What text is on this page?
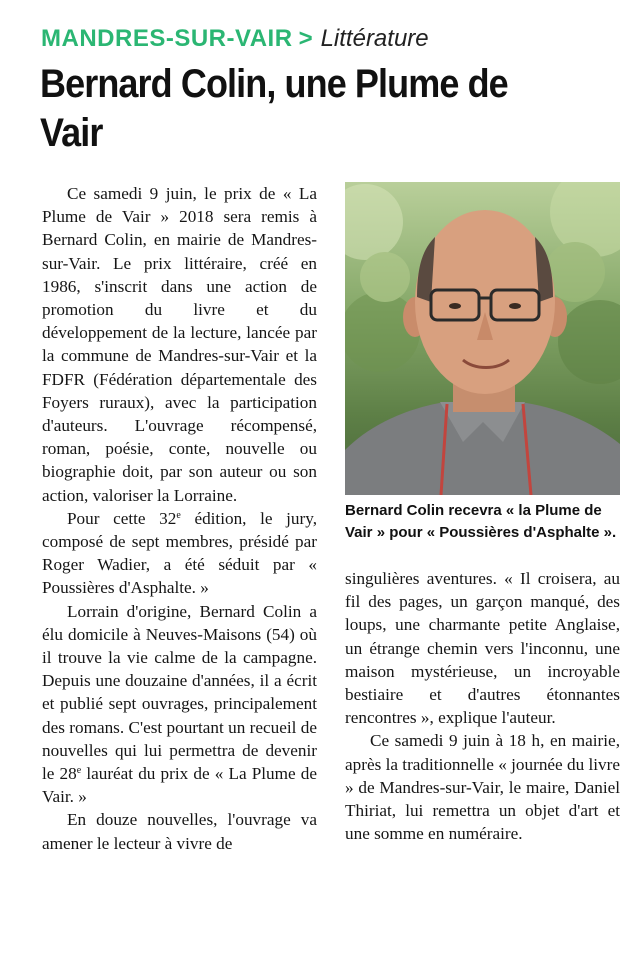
MANDRES-SUR-VAIR > Littérature
Bernard Colin, une Plume de Vair

Ce samedi 9 juin, le prix de « La Plume de Vair » 2018 sera remis à Bernard Colin, en mairie de Mandres-sur-Vair. Le prix littéraire, créé en 1986, s'inscrit dans une action de promotion du livre et du développement de la lecture, lancée par la commune de Mandres-sur-Vair et la FDFR (Fédération départementale des Foyers ruraux), avec la participation d'auteurs. L'ouvrage récompensé, roman, poésie, conte, nouvelle ou biographie doit, par son auteur ou son action, valoriser la Lorraine.

Pour cette 32e édition, le jury, composé de sept membres, présidé par Roger Wadier, a été séduit par « Poussières d'Asphalte. »

Lorrain d'origine, Bernard Colin a élu domicile à Neuves-Maisons (54) où il trouve la vie calme de la campagne. Depuis une douzaine d'années, il a écrit et publié sept ouvrages, principalement des romans. C'est pourtant un recueil de nouvelles qui lui permettra de devenir le 28e lauréat du prix de « La Plume de Vair. »

En douze nouvelles, l'ouvrage va amener le lecteur à vivre de

Bernard Colin recevra « la Plume de Vair » pour « Poussières d'Asphalte ».

singulières aventures. « Il croisera, au fil des pages, un garçon manqué, des loups, une charmante petite Anglaise, un étrange chemin vers l'inconnu, une maison mystérieuse, un incroyable bestiaire et d'autres étonnantes rencontres », explique l'auteur.

Ce samedi 9 juin à 18 h, en mairie, après la traditionnelle « journée du livre » de Mandres-sur-Vair, le maire, Daniel Thiriat, lui remettra un objet d'art et une somme en numéraire.
